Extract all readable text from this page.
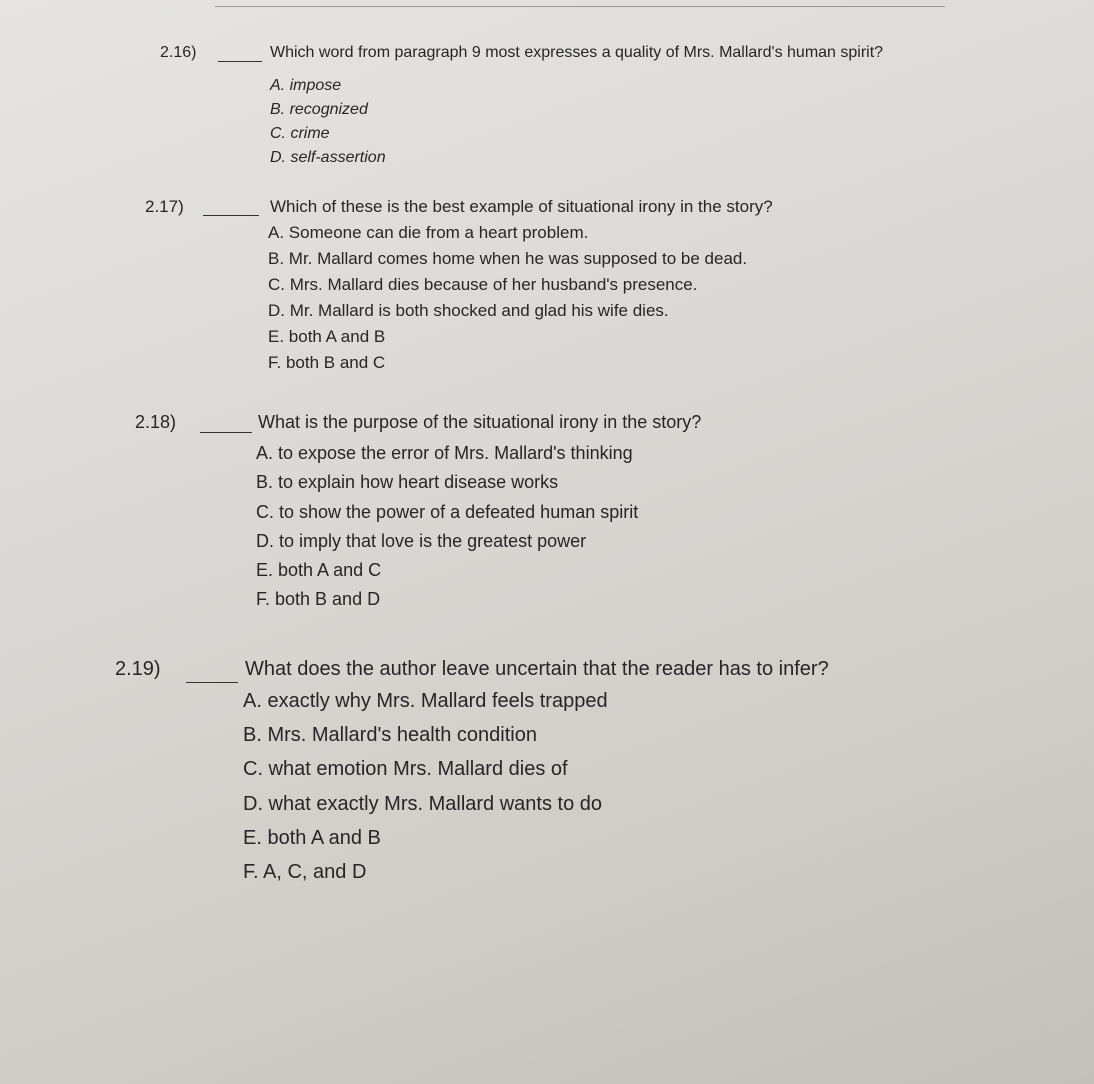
2.16)	Which word from paragraph 9 most expresses a quality of Mrs. Mallard's human spirit?
A. impose
B. recognized
C. crime
D. self-assertion
2.17)	Which of these is the best example of situational irony in the story?
A. Someone can die from a heart problem.
B. Mr. Mallard comes home when he was supposed to be dead.
C. Mrs. Mallard dies because of her husband's presence.
D. Mr. Mallard is both shocked and glad his wife dies.
E. both A and B
F. both B and C
2.18)	What is the purpose of the situational irony in the story?
A. to expose the error of Mrs. Mallard's thinking
B. to explain how heart disease works
C. to show the power of a defeated human spirit
D. to imply that love is the greatest power
E. both A and C
F. both B and D
2.19)	What does the author leave uncertain that the reader has to infer?
A. exactly why Mrs. Mallard feels trapped
B. Mrs. Mallard's health condition
C. what emotion Mrs. Mallard dies of
D. what exactly Mrs. Mallard wants to do
E. both A and B
F. A, C, and D
